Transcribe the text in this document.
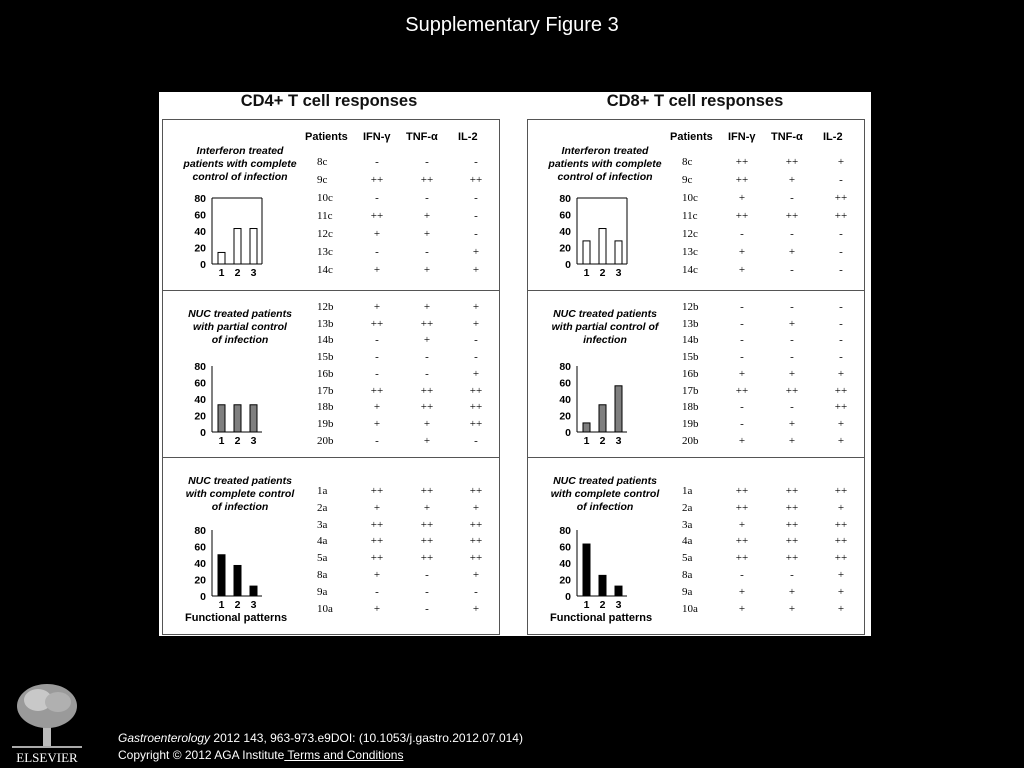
Supplementary Figure 3
CD4+ T cell responses
Patients IFN-γ TNF-α IL-2
Interferon treated
patients with complete
control of infection
8c	-	-	-
9c	++	++	++
10c	-	-	-
11c	++	+	-
12c	+	+	-
13c	-	-	+
14c	+	+	+
80
60
40
20
0
1 2 3
NUC treated patients
with partial control
of infection
12b	+	+	+
13b	++	++	+
14b	-	+	-
15b	-	-	-
16b	-	-	+
17b	++	++	++
18b	+	++	++
19b	+	+	++
20b	-	+	-
80
60
40
20
0
1 2 3
NUC treated patients
with complete control
of infection
1a	++	++	++
2a	+	+	+
3a	++	++	++
4a	++	++	++
5a	++	++	++
8a	+	-	+
9a	-	-	-
10a	+	-	+
80
60
40
20
0
1 2 3
Functional patterns
CD8+ T cell responses
Patients IFN-γ TNF-α IL-2
Interferon treated
patients with complete
control of infection
8c	++	++	+
9c	++	+	-
10c	+	-	++
11c	++	++	++
12c	-	-	-
13c	+	+	-
14c	+	-	-
80
60
40
20
0
1 2 3
NUC treated patients
with partial control of
infection
12b	-	-	-
13b	-	+	-
14b	-	-	-
15b	-	-	-
16b	+	+	+
17b	++	++	++
18b	-	-	++
19b	-	+	+
20b	+	+	+
80
60
40
20
0
1 2 3
NUC treated patients
with complete control
of infection
1a	++	++	++
2a	++	++	+
3a	+	++	++
4a	++	++	++
5a	++	++	++
8a	-	-	+
9a	+	+	+
10a	+	+	+
80
60
40
20
0
1 2 3
Functional patterns
ELSEVIER
Gastroenterology 2012 143, 963-973.e9DOI: (10.1053/j.gastro.2012.07.014)
Copyright © 2012 AGA Institute Terms and Conditions
